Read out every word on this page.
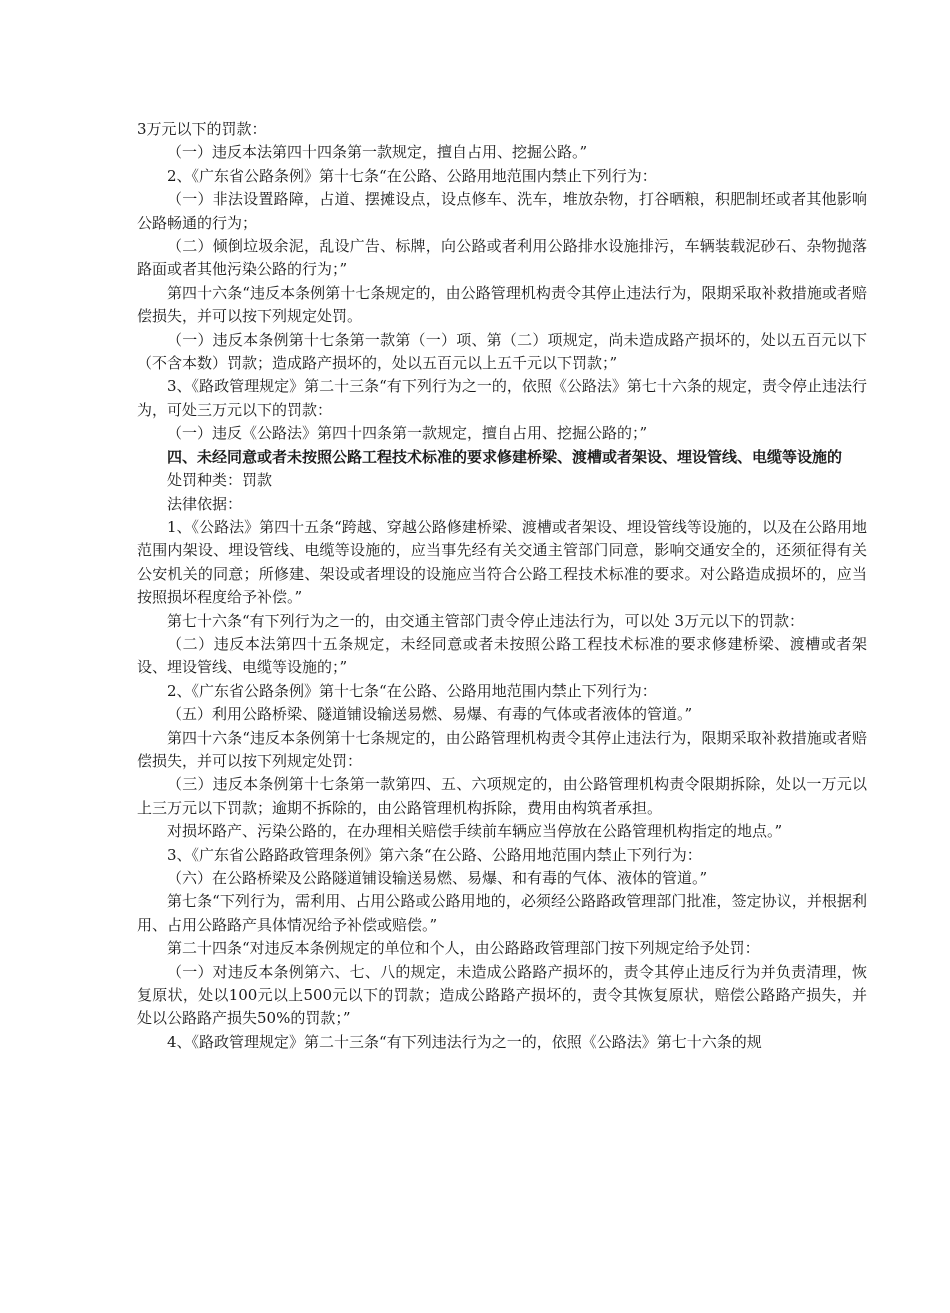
3万元以下的罚款：

（一）违反本法第四十四条第一款规定，擅自占用、挖掘公路。”

2、《广东省公路条例》第十七条“在公路、公路用地范围内禁止下列行为：

（一）非法设置路障，占道、摆摊设点，设点修车、洗车，堆放杂物，打谷晒粮，积肥制坯或者其他影响公路畅通的行为；

（二）倾倒垃圾余泥，乱设广告、标牌，向公路或者利用公路排水设施排污，车辆装载泥砂石、杂物抛落路面或者其他污染公路的行为；”

第四十六条“违反本条例第十七条规定的，由公路管理机构责令其停止违法行为，限期采取补救措施或者赔偿损失，并可以按下列规定处罚。

（一）违反本条例第十七条第一款第（一）项、第（二）项规定，尚未造成路产损坏的，处以五百元以下（不含本数）罚款；造成路产损坏的，处以五百元以上五千元以下罚款；”

3、《路政管理规定》第二十三条“有下列行为之一的，依照《公路法》第七十六条的规定，责令停止违法行为，可处三万元以下的罚款：

（一）违反《公路法》第四十四条第一款规定，擅自占用、挖掘公路的；”

四、未经同意或者未按照公路工程技术标准的要求修建桥梁、渡槽或者架设、埋设管线、电缆等设施的

处罚种类：罚款

法律依据：

1、《公路法》第四十五条“跨越、穿越公路修建桥梁、渡槽或者架设、埋设管线等设施的，以及在公路用地范围内架设、埋设管线、电缆等设施的，应当事先经有关交通主管部门同意，影响交通安全的，还须征得有关公安机关的同意；所修建、架设或者埋设的设施应当符合公路工程技术标准的要求。对公路造成损坏的，应当按照损坏程度给予补偿。”

第七十六条“有下列行为之一的，由交通主管部门责令停止违法行为，可以处 3万元以下的罚款：

（二）违反本法第四十五条规定，未经同意或者未按照公路工程技术标准的要求修建桥梁、渡槽或者架设、埋设管线、电缆等设施的；”

2、《广东省公路条例》第十七条“在公路、公路用地范围内禁止下列行为：

（五）利用公路桥梁、隧道铺设输送易燃、易爆、有毒的气体或者液体的管道。”

第四十六条“违反本条例第十七条规定的，由公路管理机构责令其停止违法行为，限期采取补救措施或者赔偿损失，并可以按下列规定处罚：

（三）违反本条例第十七条第一款第四、五、六项规定的，由公路管理机构责令限期拆除，处以一万元以上三万元以下罚款；逾期不拆除的，由公路管理机构拆除，费用由构筑者承担。

对损坏路产、污染公路的，在办理相关赔偿手续前车辆应当停放在公路管理机构指定的地点。”

3、《广东省公路路政管理条例》第六条“在公路、公路用地范围内禁止下列行为：

（六）在公路桥梁及公路隧道铺设输送易燃、易爆、和有毒的气体、液体的管道。”

第七条“下列行为，需利用、占用公路或公路用地的，必须经公路路政管理部门批准，签定协议，并根据利用、占用公路路产具体情况给予补偿或赔偿。”

第二十四条“对违反本条例规定的单位和个人，由公路路政管理部门按下列规定给予处罚：

（一）对违反本条例第六、七、八的规定，未造成公路路产损坏的，责令其停止违反行为并负责清理，恢复原状，处以100元以上500元以下的罚款；造成公路路产损坏的，责令其恢复原状，赔偿公路路产损失，并处以公路路产损失50%的罚款；”

4、《路政管理规定》第二十三条“有下列违法行为之一的，依照《公路法》第七十六条的规
